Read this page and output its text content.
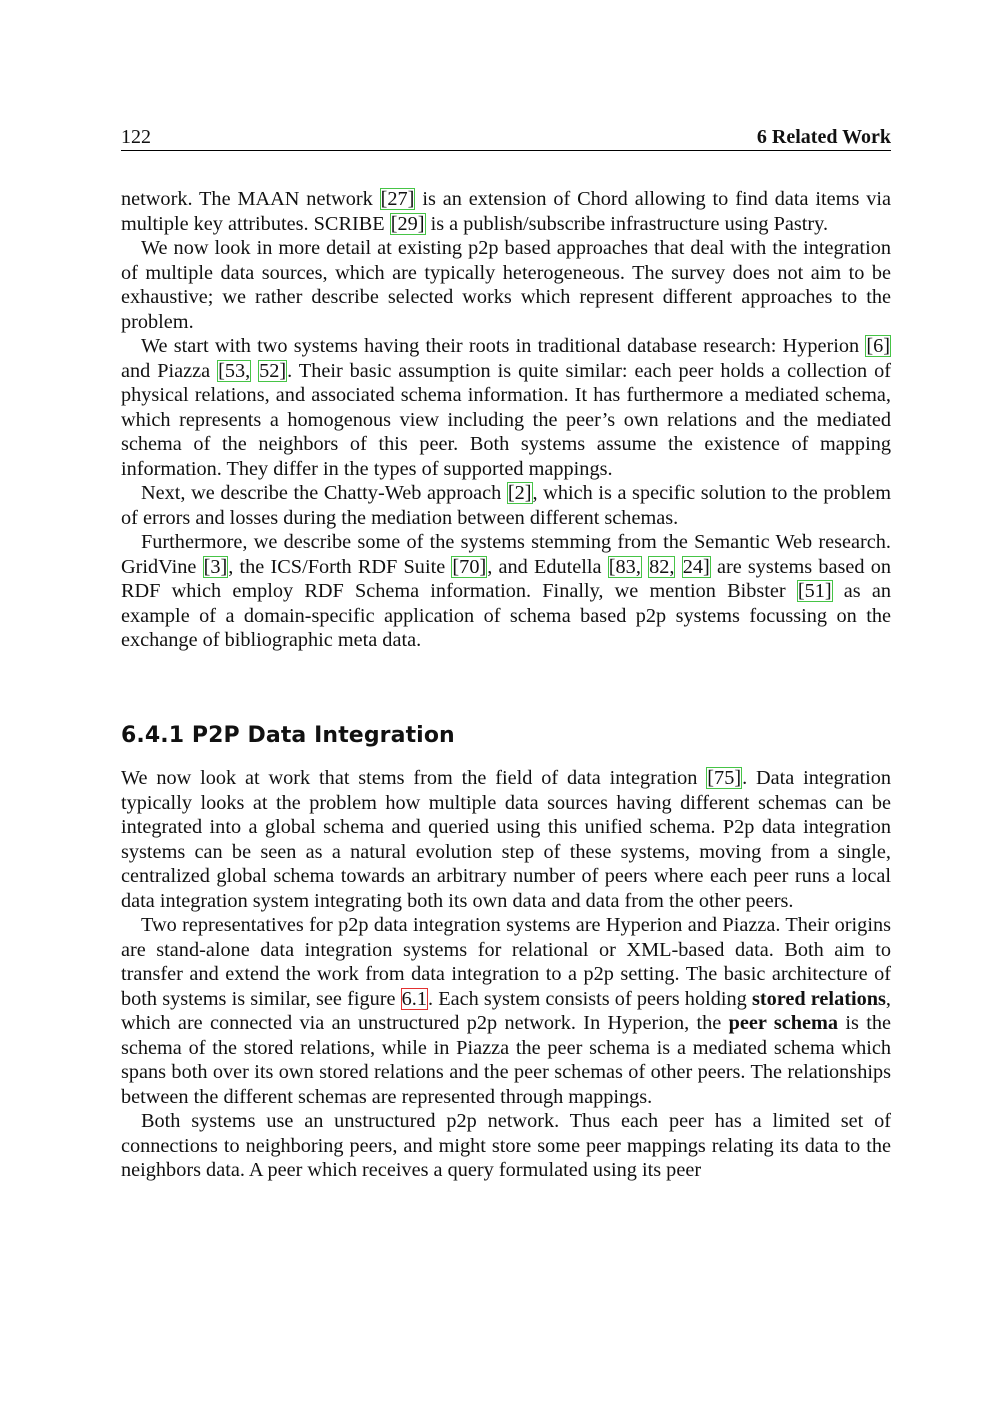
122	6 Related Work

network. The MAAN network [27] is an extension of Chord allowing to find data items via multiple key attributes. SCRIBE [29] is a publish/subscribe infrastructure using Pastry.

We now look in more detail at existing p2p based approaches that deal with the integration of multiple data sources, which are typically heterogeneous. The survey does not aim to be exhaustive; we rather describe selected works which represent different approaches to the problem.

We start with two systems having their roots in traditional database research: Hyperion [6] and Piazza [53, 52]. Their basic assumption is quite similar: each peer holds a collection of physical relations, and associated schema information. It has furthermore a mediated schema, which represents a homogenous view including the peer’s own relations and the mediated schema of the neighbors of this peer. Both systems assume the existence of mapping information. They differ in the types of supported mappings.

Next, we describe the Chatty-Web approach [2], which is a specific solution to the problem of errors and losses during the mediation between different schemas.

Furthermore, we describe some of the systems stemming from the Semantic Web research. GridVine [3], the ICS/Forth RDF Suite [70], and Edutella [83, 82, 24] are systems based on RDF which employ RDF Schema information. Finally, we mention Bibster [51] as an example of a domain-specific application of schema based p2p systems focussing on the exchange of bibliographic meta data.

6.4.1 P2P Data Integration

We now look at work that stems from the field of data integration [75]. Data integration typically looks at the problem how multiple data sources having different schemas can be integrated into a global schema and queried using this unified schema. P2p data integration systems can be seen as a natural evolution step of these systems, moving from a single, centralized global schema towards an arbitrary number of peers where each peer runs a local data integration system integrating both its own data and data from the other peers.

Two representatives for p2p data integration systems are Hyperion and Piazza. Their origins are stand-alone data integration systems for relational or XML-based data. Both aim to transfer and extend the work from data integration to a p2p setting. The basic architecture of both systems is similar, see figure 6.1. Each system consists of peers holding stored relations, which are connected via an unstructured p2p network. In Hyperion, the peer schema is the schema of the stored relations, while in Piazza the peer schema is a mediated schema which spans both over its own stored relations and the peer schemas of other peers. The relationships between the different schemas are represented through mappings.

Both systems use an unstructured p2p network. Thus each peer has a limited set of connections to neighboring peers, and might store some peer mappings relating its data to the neighbors data. A peer which receives a query formulated using its peer
